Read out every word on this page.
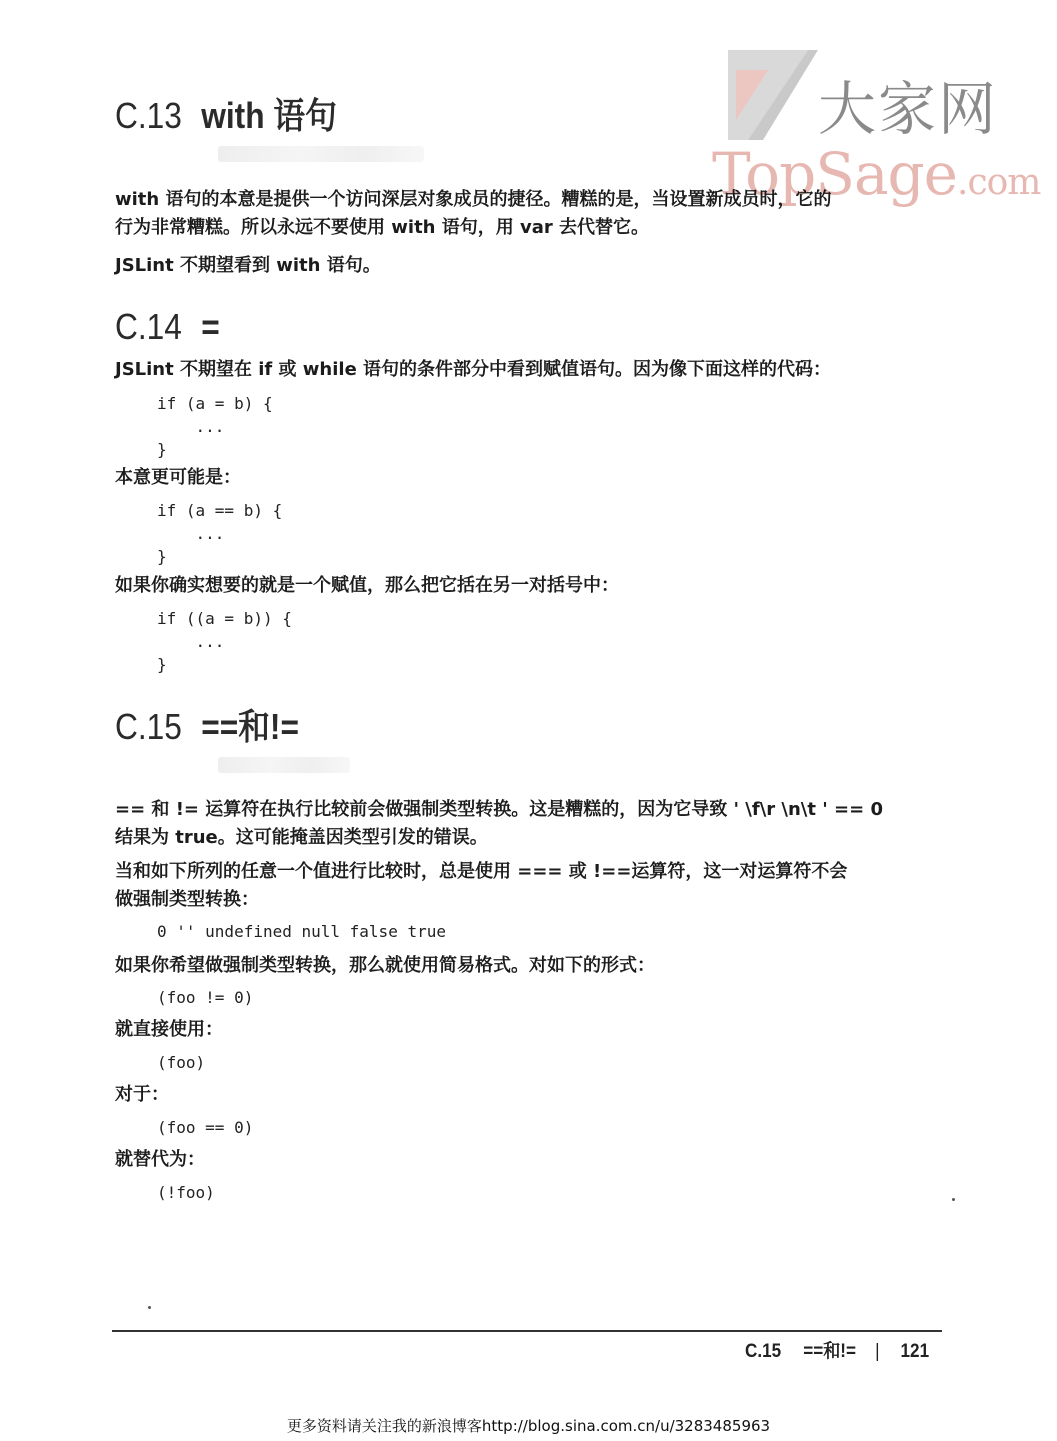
大家网
TopSage.com
C.13 with 语句
with 语句的本意是提供一个访问深层对象成员的捷径。糟糕的是，当设置新成员时，它的
行为非常糟糕。所以永远不要使用 with 语句，用 var 去代替它。
JSLint 不期望看到 with 语句。
C.14 =
JSLint 不期望在 if 或 while 语句的条件部分中看到赋值语句。因为像下面这样的代码：
if (a = b) {
...
}
本意更可能是：
if (a == b) {
...
}
如果你确实想要的就是一个赋值，那么把它括在另一对括号中：
if ((a = b)) {
...
}
C.15 ==和!=
== 和 != 运算符在执行比较前会做强制类型转换。这是糟糕的，因为它导致 ' \f\r \n\t ' == 0
结果为 true。这可能掩盖因类型引发的错误。
当和如下所列的任意一个值进行比较时，总是使用 === 或 !==运算符，这一对运算符不会
做强制类型转换：
0 '' undefined null false true
如果你希望做强制类型转换，那么就使用简易格式。对如下的形式：
(foo != 0)
就直接使用：
(foo)
对于：
(foo == 0)
就替代为：
(!foo)
C.15 ==和!= | 121
更多资料请关注我的新浪博客http://blog.sina.com.cn/u/3283485963
